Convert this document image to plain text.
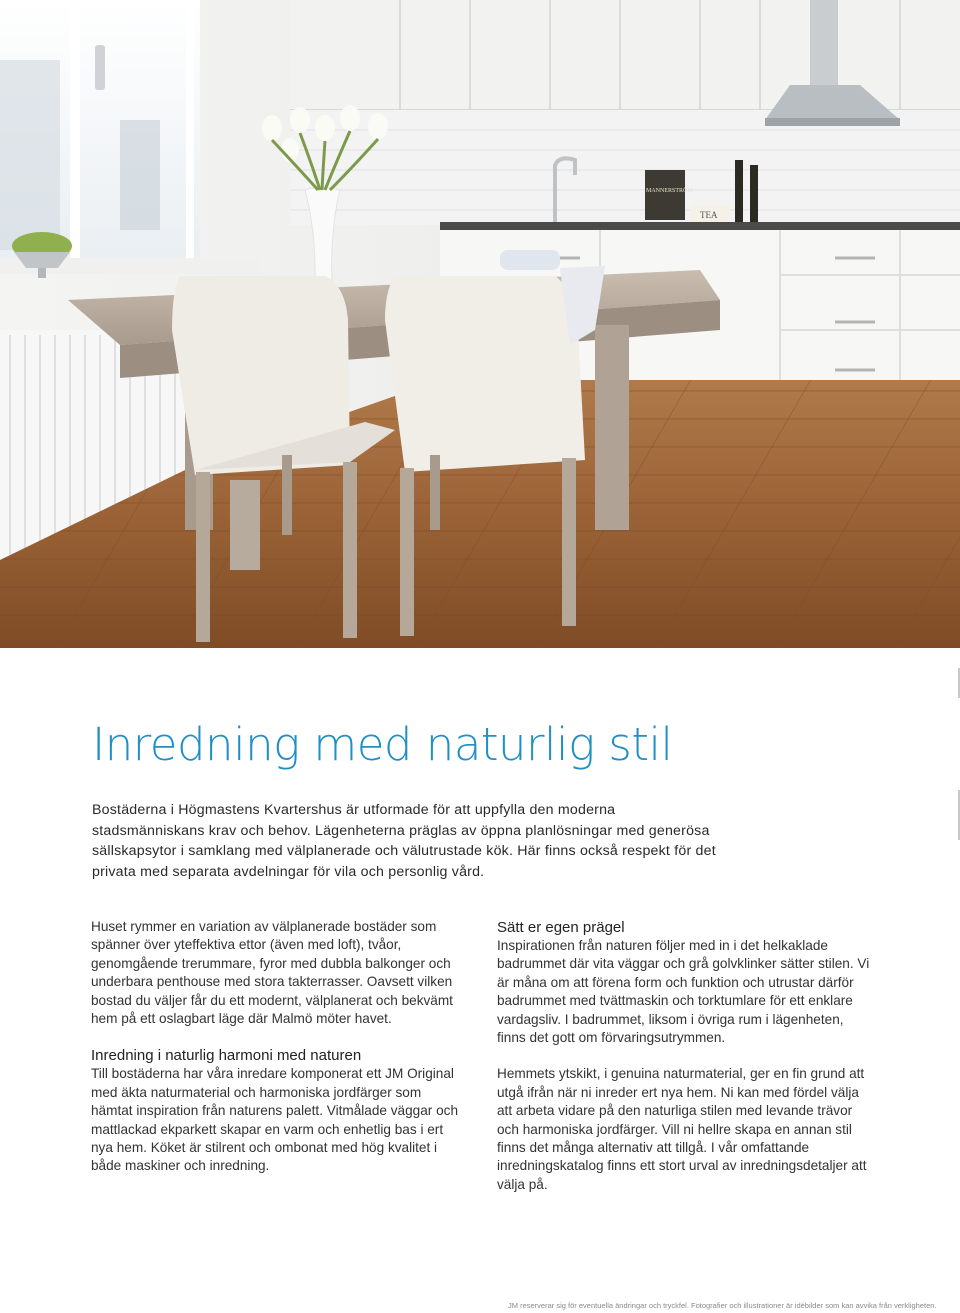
TEA
MANNERSTRÖM
Inredning med naturlig stil

Bostäderna i Högmastens Kvartershus är utformade för att uppfylla den moderna stadsmänniskans krav och behov. Lägenheterna präglas av öppna planlösningar med generösa sällskapsytor i samklang med välplanerade och välutrustade kök. Här finns också respekt för det privata med separata avdelningar för vila och personlig vård.

Huset rymmer en variation av välplanerade bostäder som spänner över yteffektiva ettor (även med loft), tvåor, genomgående trerummare, fyror med dubbla balkonger och underbara penthouse med stora takterrasser. Oavsett vilken bostad du väljer får du ett modernt, välplanerat och bekvämt hem på ett oslagbart läge där Malmö möter havet.

Inredning i naturlig harmoni med naturen

Till bostäderna har våra inredare komponerat ett JM Original med äkta naturmaterial och harmoniska jordfärger som hämtat inspiration från naturens palett. Vitmålade väggar och mattlackad ekparkett skapar en varm och enhetlig bas i ert nya hem. Köket är stilrent och ombonat med hög kvalitet i både maskiner och inredning.

Sätt er egen prägel

Inspirationen från naturen följer med in i det helkaklade badrummet där vita väggar och grå golvklinker sätter stilen. Vi är måna om att förena form och funktion och utrustar därför badrummet med tvättmaskin och torktumlare för ett enklare vardagsliv. I badrummet, liksom i övriga rum i lägenheten, finns det gott om förvaringsutrymmen.

Hemmets ytskikt, i genuina naturmaterial, ger en fin grund att utgå ifrån när ni inreder ert nya hem. Ni kan med fördel välja att arbeta vidare på den naturliga stilen med levande trävor och harmoniska jordfärger. Vill ni hellre skapa en annan stil finns det många alternativ att tillgå. I vår omfattande inredningskatalog finns ett stort urval av inredningsdetaljer att välja på.

JM reserverar sig för eventuella ändringar och tryckfel. Fotografier och illustrationer är idébilder som kan avvika från verkligheten.
